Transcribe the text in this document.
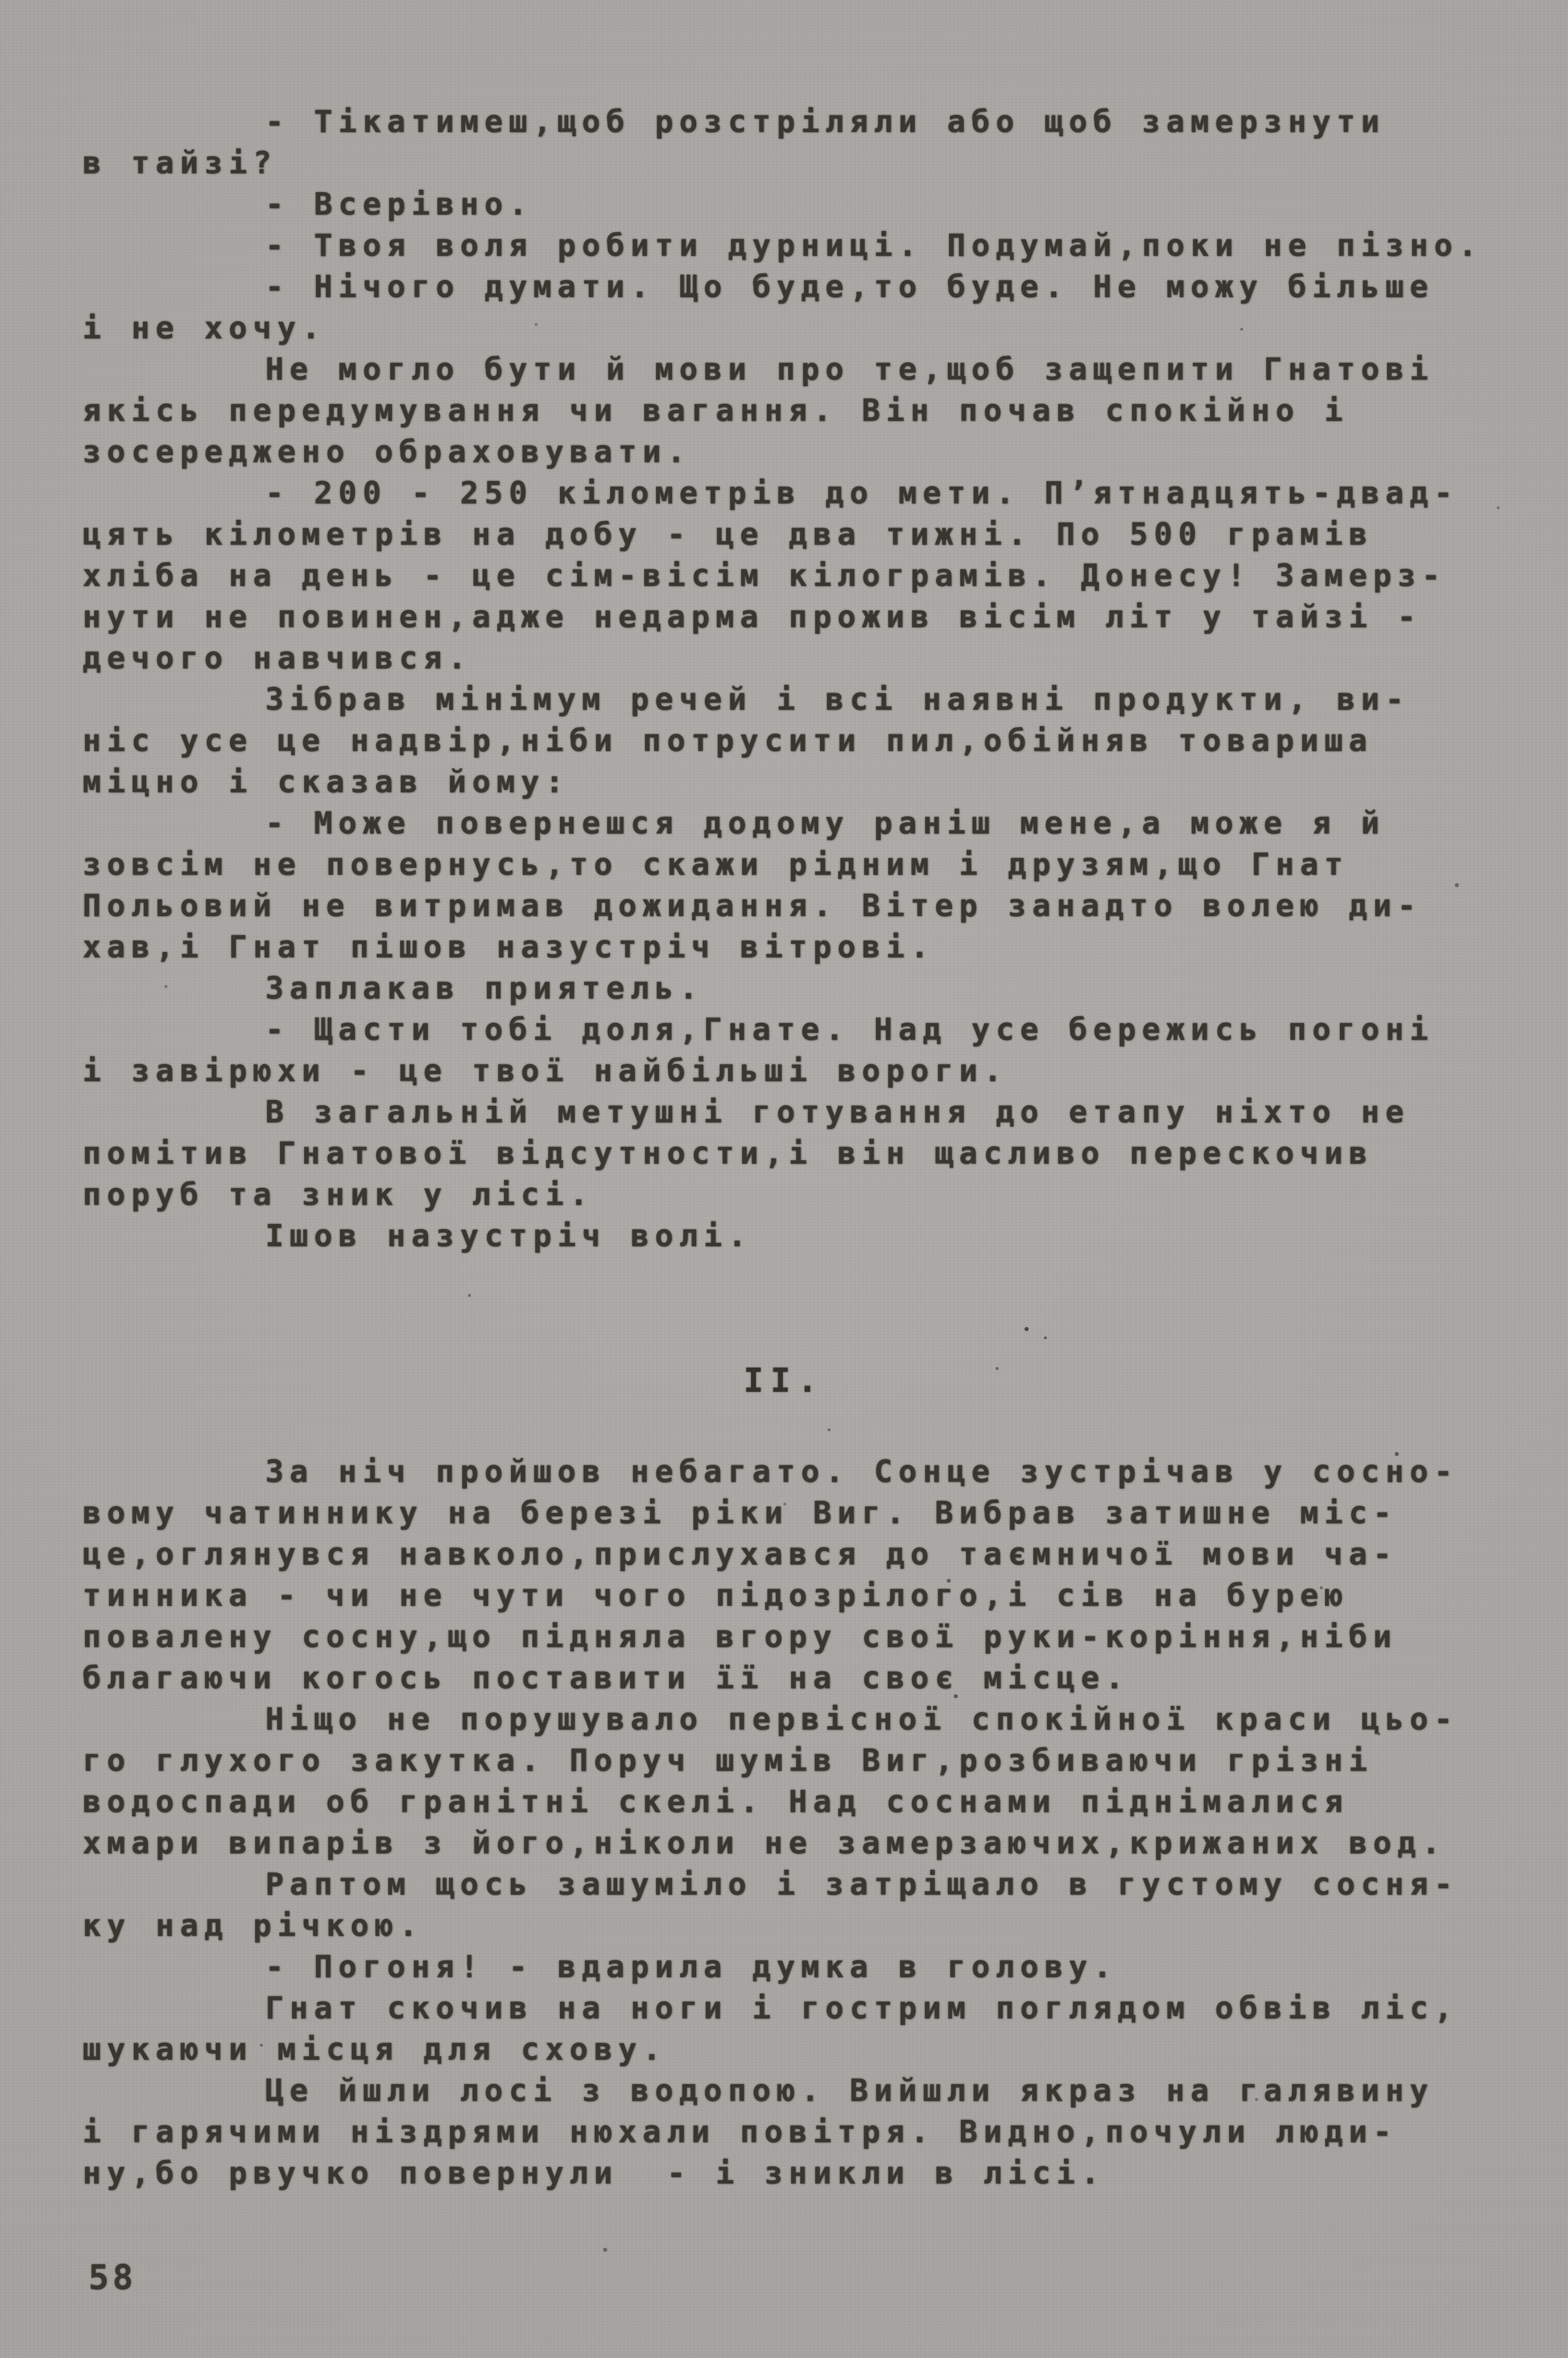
- Тікатимеш,щоб розстріляли або щоб замерзнути
в тайзі?
- Всерівно.
- Твоя воля робити дурниці. Подумай,поки не пізно.
- Нічого думати. Що буде,то буде. Не можу більше
і не хочу.
Не могло бути й мови про те,щоб защепити Гнатові
якісь передумування чи вагання. Він почав спокійно і
зосереджено обраховувати.
- 200 - 250 кілометрів до мети. П’ятнадцять-двад-
цять кілометрів на добу - це два тижні. По 500 грамів
хліба на день - це сім-вісім кілограмів. Донесу! Замерз-
нути не повинен,адже недарма прожив вісім літ у тайзі -
дечого навчився.
Зібрав мінімум речей і всі наявні продукти, ви-
ніс усе це надвір,ніби потрусити пил,обійняв товариша
міцно і сказав йому:
- Може повернешся додому раніш мене,а може я й
зовсім не повернусь,то скажи рідним і друзям,що Гнат
Польовий не витримав дожидання. Вітер занадто волею ди-
хав,і Гнат пішов назустріч вітрові.
Заплакав приятель.
- Щасти тобі доля,Гнате. Над усе бережись погоні
і завірюхи - це твої найбільші вороги.
В загальній метушні готування до етапу ніхто не
помітив Гнатової відсутности,і він щасливо перескочив
поруб та зник у лісі.
Ішов назустріч волі.
ІІ.
За ніч пройшов небагато. Сонце зустрічав у сосно-
вому чатиннику на березі ріки Виг. Вибрав затишне міс-
це,оглянувся навколо,прислухався до таємничої мови ча-
тинника - чи не чути чого підозрілого,і сів на бурею
повалену сосну,що підняла вгору свої руки-коріння,ніби
благаючи когось поставити її на своє місце.
Ніщо не порушувало первісної спокійної краси цьо-
го глухого закутка. Поруч шумів Виг,розбиваючи грізні
водоспади об гранітні скелі. Над соснами піднімалися
хмари випарів з його,ніколи не замерзаючих,крижаних вод.
Раптом щось зашуміло і затріщало в густому сосня-
ку над річкою.
- Погоня! - вдарила думка в голову.
Гнат скочив на ноги і гострим поглядом обвів ліс,
шукаючи місця для схову.
Це йшли лосі з водопою. Вийшли якраз на галявину
і гарячими ніздрями нюхали повітря. Видно,почули люди-
ну,бо рвучко повернули  - і зникли в лісі.
58
